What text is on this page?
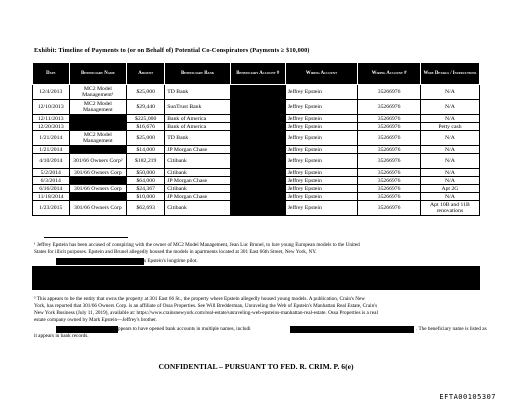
Exhibit: Timeline of Payments to (or on Behalf of) Potential Co-Conspirators (Payments ≥ $10,000)
Date	Beneficiary Name	Amount	Beneficiary Bank	Beneficiary Account #	Wiring Account	Wiring Account #	Wire Details / Instructions
12/4/2013	MC2 Model Management¹	$25,000	TD Bank		Jeffrey Epstein	35266976	N/A
12/10/2013	MC2 Model Management	$29,440	SunTrust Bank		Jeffrey Epstein	35266976	N/A
12/11/2013		$225,000	Bank of America		Jeffrey Epstein	35266976	N/A
12/20/2013		$16,676	Bank of America		Jeffrey Epstein	35266976	Petty cash
1/21/2014	MC2 Model Management	$25,000	TD Bank		Jeffrey Epstein	35266976	N/A
1/21/2014		$14,000	JP Morgan Chase		Jeffrey Epstein	35266976	N/A
4/10/2014	301/66 Owners Corp²	$182,219	Citibank		Jeffrey Epstein	35266976	N/A
5/2/2014	301/66 Owners Corp	$50,000	Citibank		Jeffrey Epstein	35266976	N/A
6/3/2014		$64,000	JP Morgan Chase		Jeffrey Epstein	35266976	N/A
6/16/2014	301/66 Owners Corp	$24,367	Citibank		Jeffrey Epstein	35266976	Apt 2G
11/18/2014		$10,000	JP Morgan Chase		Jeffrey Epstein	35266976	N/A
1/23/2015	301/66 Owners Corp	$62,693	Citibank		Jeffrey Epstein	35266976	Apt 10B and 11B renovations
¹ Jeffrey Epstein has been accused of conspiring with the owner of MC2 Model Management, Jean Luc Brunel, to lure young European models to the United
States for illicit purposes. Epstein and Brunel allegedly housed the models in apartments located at 301 East 66th Street, New York, NY.
s Epstein's longtime pilot.
² This appears to be the entity that owns the property at 301 East 66 St., the property where Epstein allegedly housed young models. A publication, Crain's New
York, has reported that 301/66 Owners Corp. is an affiliate of Ossa Properties. See Will Bredderman, Unraveling the Web of Epstein's Manhattan Real Estate, Crain's
New York Business (July 11, 2019), available at: https://www.crainsnewyork.com/real-estate/unraveling-web-epsteins-manhattan-real-estate. Ossa Properties is a real
estate company owned by Mark Epstein—Jeffrey's brother.
ppears to have opened bank accounts in multiple names, includi	. The beneficiary name is listed as
it appears in bank records.
CONFIDENTIAL – PURSUANT TO FED. R. CRIM. P. 6(e)
EFTA00105307
